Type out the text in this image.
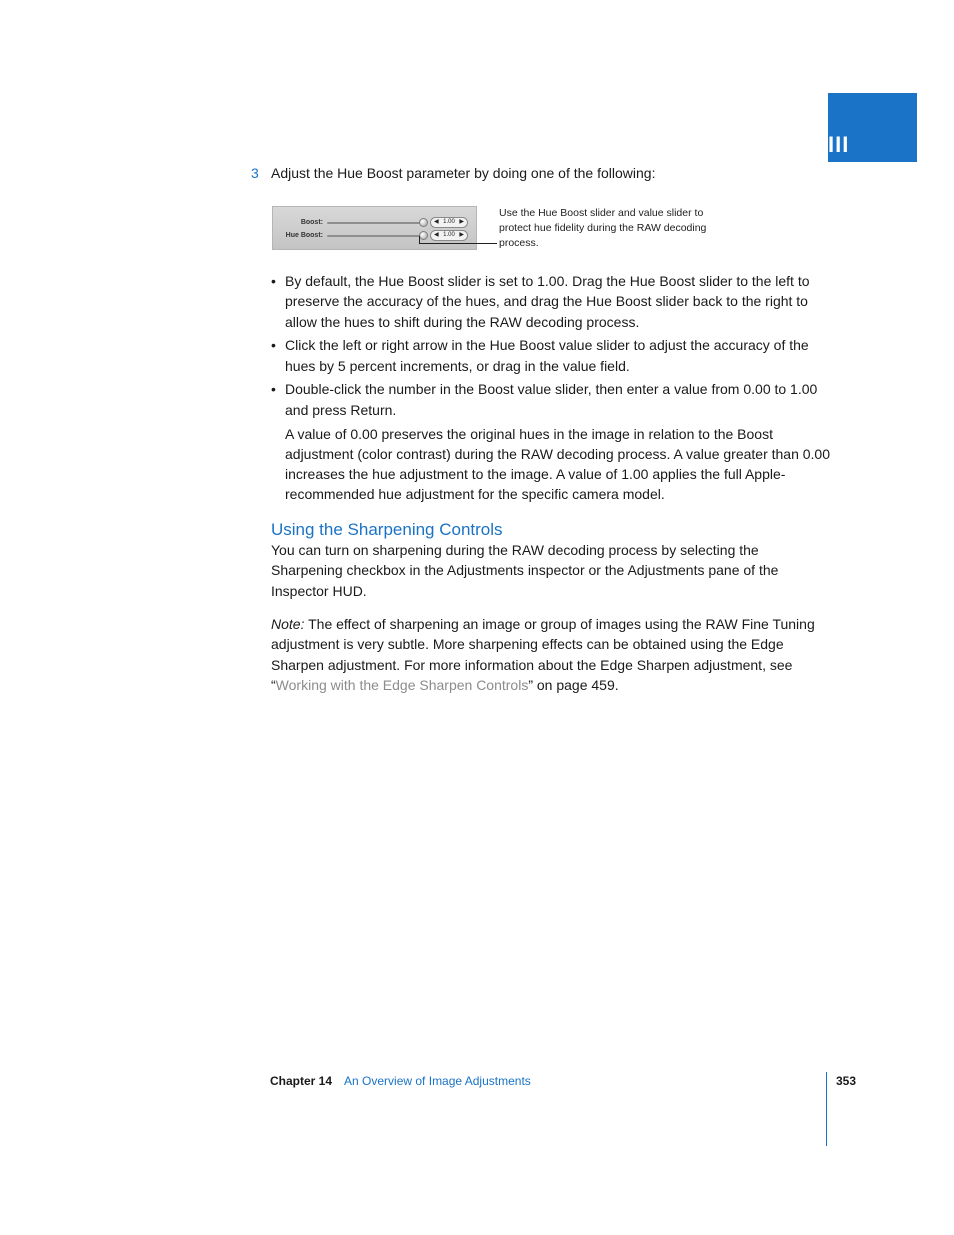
III
3 Adjust the Hue Boost parameter by doing one of the following:
Boost:	◀ 1.00 ▶
Hue Boost:	◀ 1.00 ▶
Use the Hue Boost slider and value slider to protect hue fidelity during the RAW decoding process.
• By default, the Hue Boost slider is set to 1.00. Drag the Hue Boost slider to the left to preserve the accuracy of the hues, and drag the Hue Boost slider back to the right to allow the hues to shift during the RAW decoding process.
• Click the left or right arrow in the Hue Boost value slider to adjust the accuracy of the hues by 5 percent increments, or drag in the value field.
• Double-click the number in the Boost value slider, then enter a value from 0.00 to 1.00 and press Return.
A value of 0.00 preserves the original hues in the image in relation to the Boost adjustment (color contrast) during the RAW decoding process. A value greater than 0.00 increases the hue adjustment to the image. A value of 1.00 applies the full Apple-recommended hue adjustment for the specific camera model.
Using the Sharpening Controls
You can turn on sharpening during the RAW decoding process by selecting the Sharpening checkbox in the Adjustments inspector or the Adjustments pane of the Inspector HUD.
Note: The effect of sharpening an image or group of images using the RAW Fine Tuning adjustment is very subtle. More sharpening effects can be obtained using the Edge Sharpen adjustment. For more information about the Edge Sharpen adjustment, see “Working with the Edge Sharpen Controls” on page 459.
Chapter 14 An Overview of Image Adjustments	353
